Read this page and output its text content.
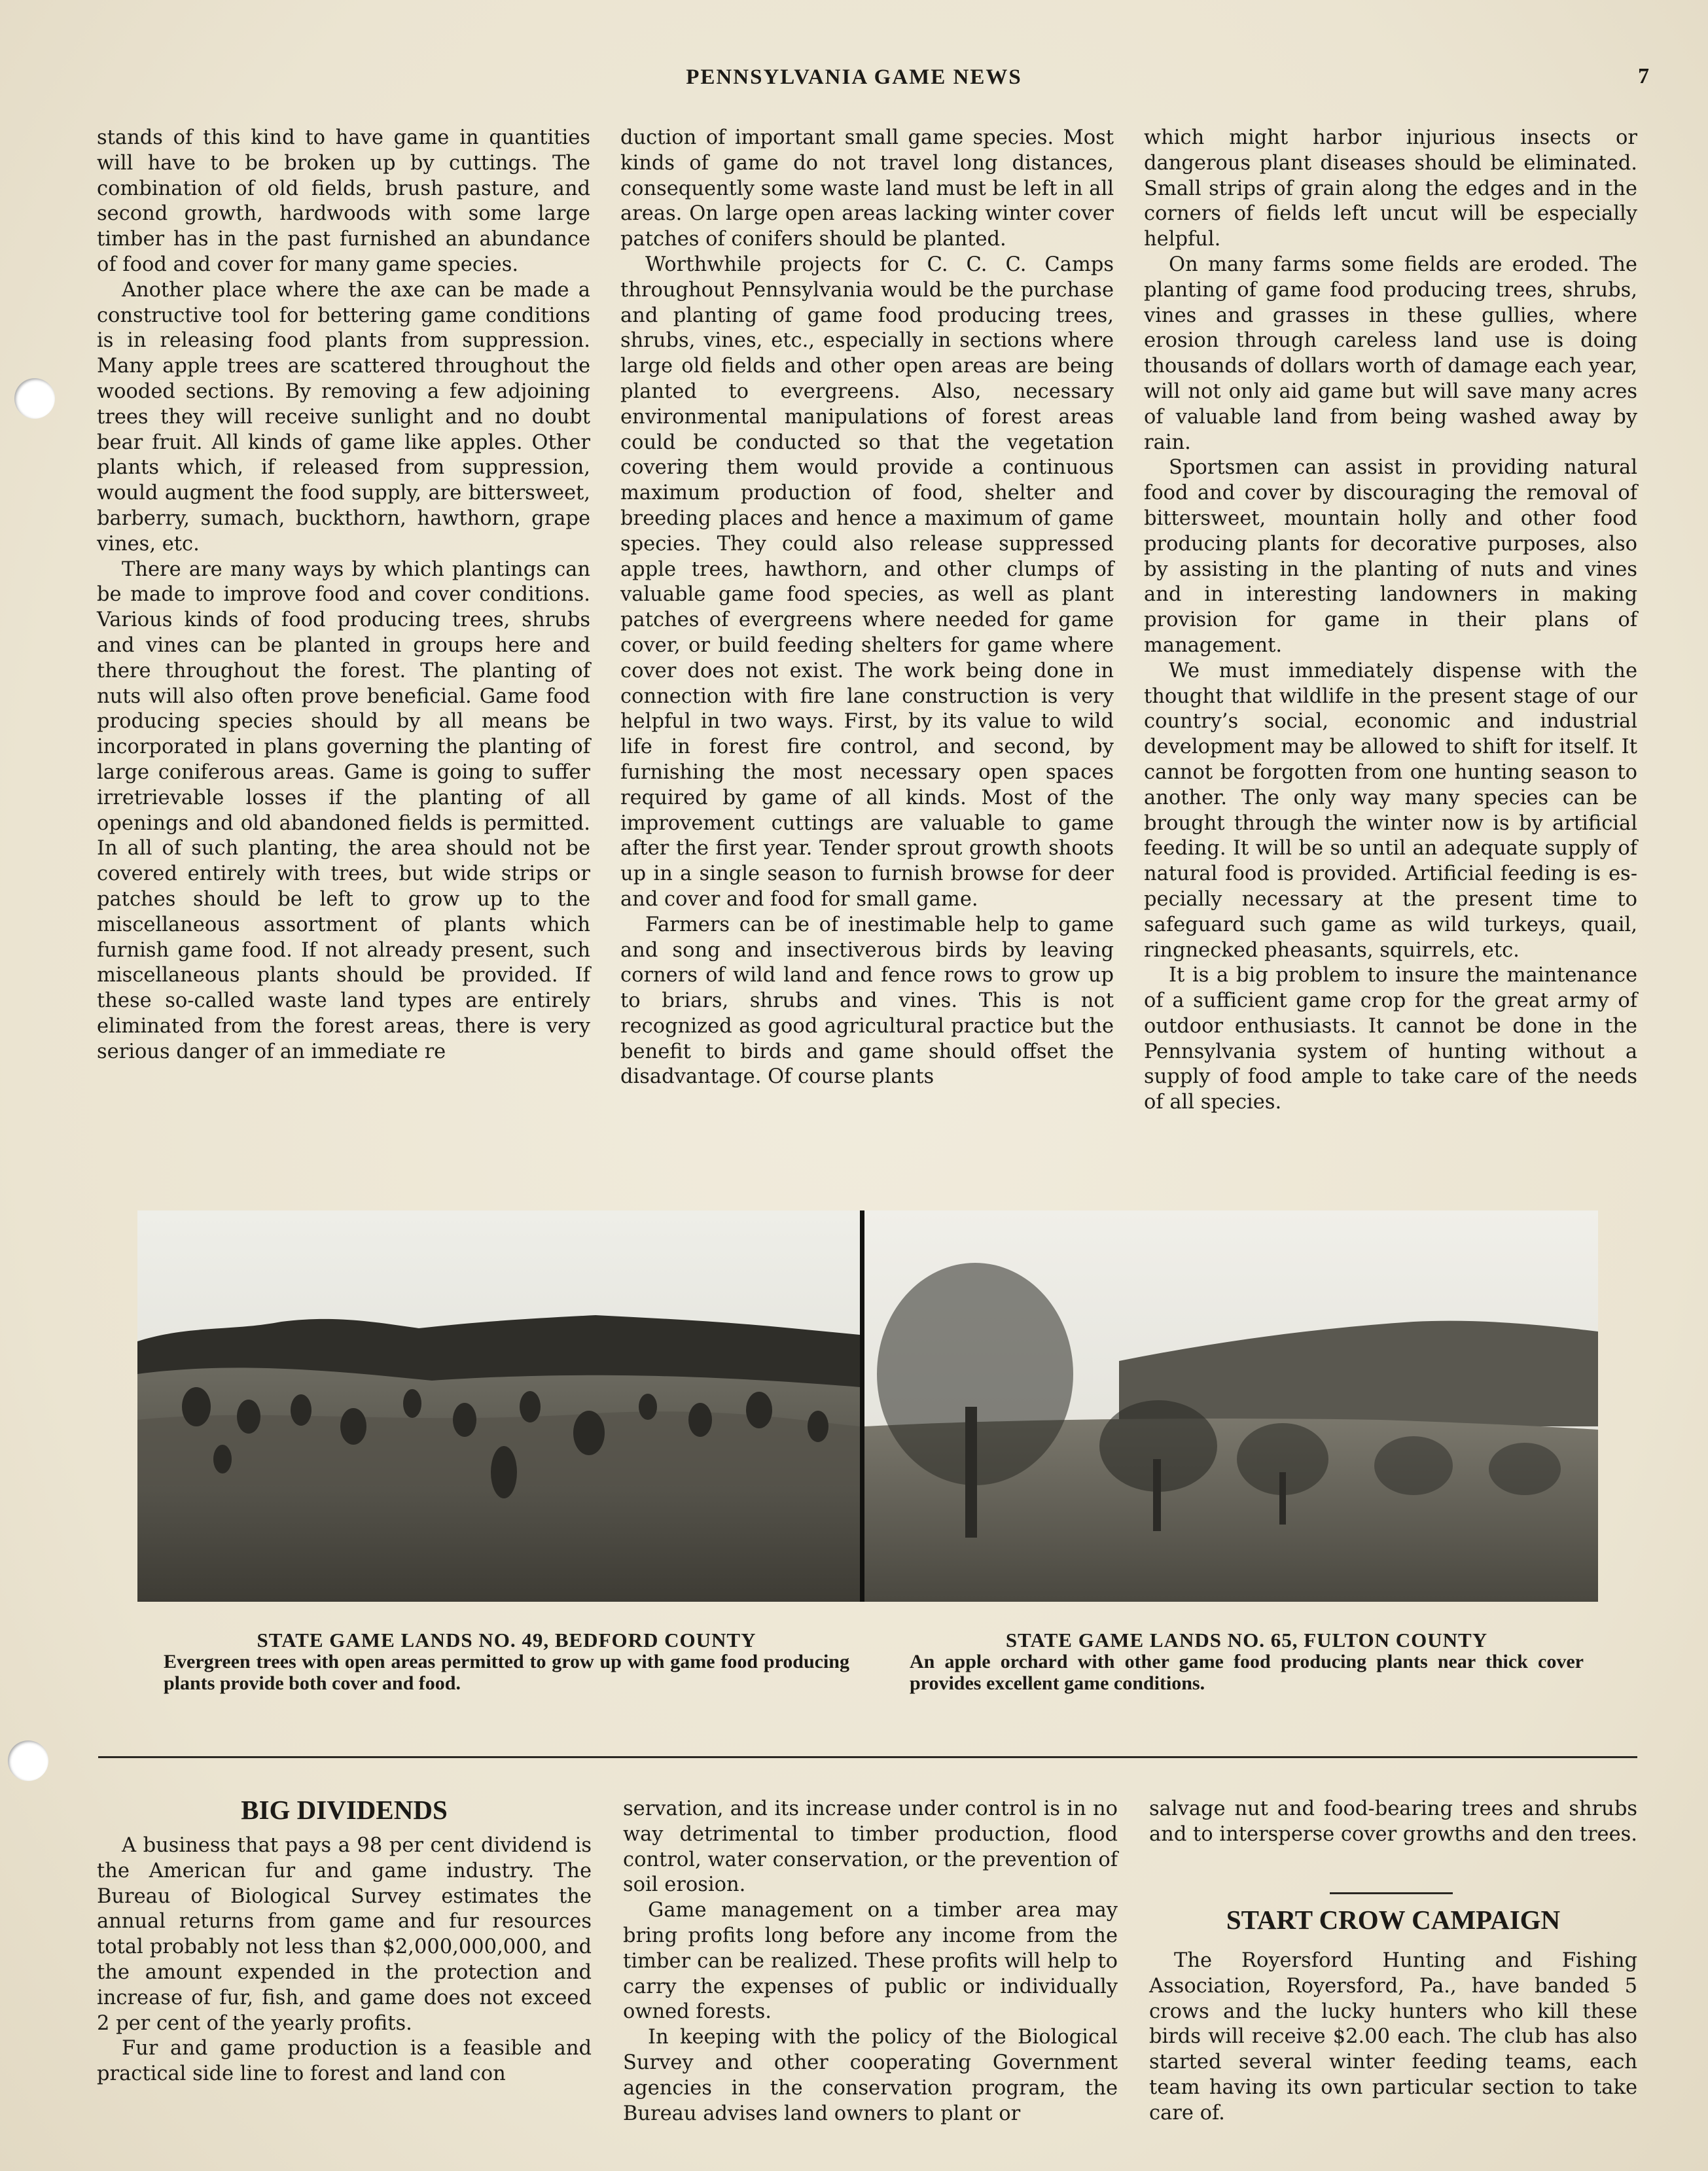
PENNSYLVANIA GAME NEWS	7

stands of this kind to have game in quantities will have to be broken up by cuttings. The combination of old fields, brush pasture, and second growth, hardwoods with some large timber has in the past furnished an abundance of food and cover for many game species.

Another place where the axe can be made a constructive tool for bettering game conditions is in releasing food plants from suppression. Many apple trees are scattered throughout the wooded sections. By removing a few adjoining trees they will receive sunlight and no doubt bear fruit. All kinds of game like apples. Other plants which, if released from suppression, would augment the food supply, are bittersweet, barberry, sumach, buckthorn, hawthorn, grape vines, etc.

There are many ways by which plantings can be made to improve food and cover conditions. Various kinds of food producing trees, shrubs and vines can be planted in groups here and there throughout the forest. The planting of nuts will also often prove beneficial. Game food producing species should by all means be incorporated in plans governing the planting of large coniferous areas. Game is going to suffer irretrievable losses if the planting of all openings and old abandoned fields is permitted. In all of such planting, the area should not be covered entirely with trees, but wide strips or patches should be left to grow up to the miscellaneous assortment of plants which furnish game food. If not already present, such miscellaneous plants should be provided. If these so-called waste land types are entirely eliminated from the forest areas, there is very serious danger of an immediate re

duction of important small game species. Most kinds of game do not travel long distances, consequently some waste land must be left in all areas. On large open areas lacking winter cover patches of conifers should be planted.

Worthwhile projects for C. C. C. Camps throughout Pennsylvania would be the purchase and planting of game food producing trees, shrubs, vines, etc., especially in sections where large old fields and other open areas are being planted to evergreens. Also, necessary environmental manipulations of forest areas could be conducted so that the vegetation covering them would provide a continuous maximum production of food, shelter and breeding places and hence a maximum of game species. They could also release suppressed apple trees, hawthorn, and other clumps of valuable game food species, as well as plant patches of evergreens where needed for game cover, or build feeding shelters for game where cover does not exist. The work being done in connection with fire lane construction is very helpful in two ways. First, by its value to wild life in forest fire control, and second, by furnishing the most necessary open spaces required by game of all kinds. Most of the improvement cuttings are valuable to game after the first year. Tender sprout growth shoots up in a single season to furnish browse for deer and cover and food for small game.

Farmers can be of inestimable help to game and song and insectiverous birds by leaving corners of wild land and fence rows to grow up to briars, shrubs and vines. This is not recognized as good agricultural practice but the benefit to birds and game should offset the disadvantage. Of course plants

which might harbor injurious insects or dangerous plant diseases should be eliminated. Small strips of grain along the edges and in the corners of fields left uncut will be especially helpful.

On many farms some fields are eroded. The planting of game food producing trees, shrubs, vines and grasses in these gullies, where erosion through careless land use is doing thousands of dollars worth of damage each year, will not only aid game but will save many acres of valuable land from being washed away by rain.

Sportsmen can assist in providing natural food and cover by discouraging the removal of bittersweet, mountain holly and other food producing plants for decorative purposes, also by assisting in the planting of nuts and vines and in interesting landowners in making provision for game in their plans of management.

We must immediately dispense with the thought that wildlife in the present stage of our country’s social, economic and industrial development may be allowed to shift for itself. It cannot be forgotten from one hunting season to another. The only way many species can be brought through the winter now is by artificial feeding. It will be so until an adequate supply of natural food is provided. Artificial feeding is especially necessary at the present time to safeguard such game as wild turkeys, quail, ringnecked pheasants, squirrels, etc.

It is a big problem to insure the maintenance of a sufficient game crop for the great army of outdoor enthusiasts. It cannot be done in the Pennsylvania system of hunting without a supply of food ample to take care of the needs of all species.

STATE GAME LANDS NO. 49, BEDFORD COUNTY
Evergreen trees with open areas permitted to grow up with game food producing plants provide both cover and food.
STATE GAME LANDS NO. 65, FULTON COUNTY
An apple orchard with other game food producing plants near thick cover provides excellent game conditions.
BIG DIVIDENDS

A business that pays a 98 per cent dividend is the American fur and game industry. The Bureau of Biological Survey estimates the annual returns from game and fur resources total probably not less than $2,000,000,000, and the amount expended in the protection and increase of fur, fish, and game does not exceed 2 per cent of the yearly profits.

Fur and game production is a feasible and practical side line to forest and land con

servation, and its increase under control is in no way detrimental to timber production, flood control, water conservation, or the prevention of soil erosion.

Game management on a timber area may bring profits long before any income from the timber can be realized. These profits will help to carry the expenses of public or individually owned forests.

In keeping with the policy of the Biological Survey and other cooperating Government agencies in the conservation program, the Bureau advises land owners to plant or

salvage nut and food-bearing trees and shrubs and to intersperse cover growths and den trees.

START CROW CAMPAIGN

The Royersford Hunting and Fishing Association, Royersford, Pa., have banded 5 crows and the lucky hunters who kill these birds will receive $2.00 each. The club has also started several winter feeding teams, each team having its own particular section to take care of.
